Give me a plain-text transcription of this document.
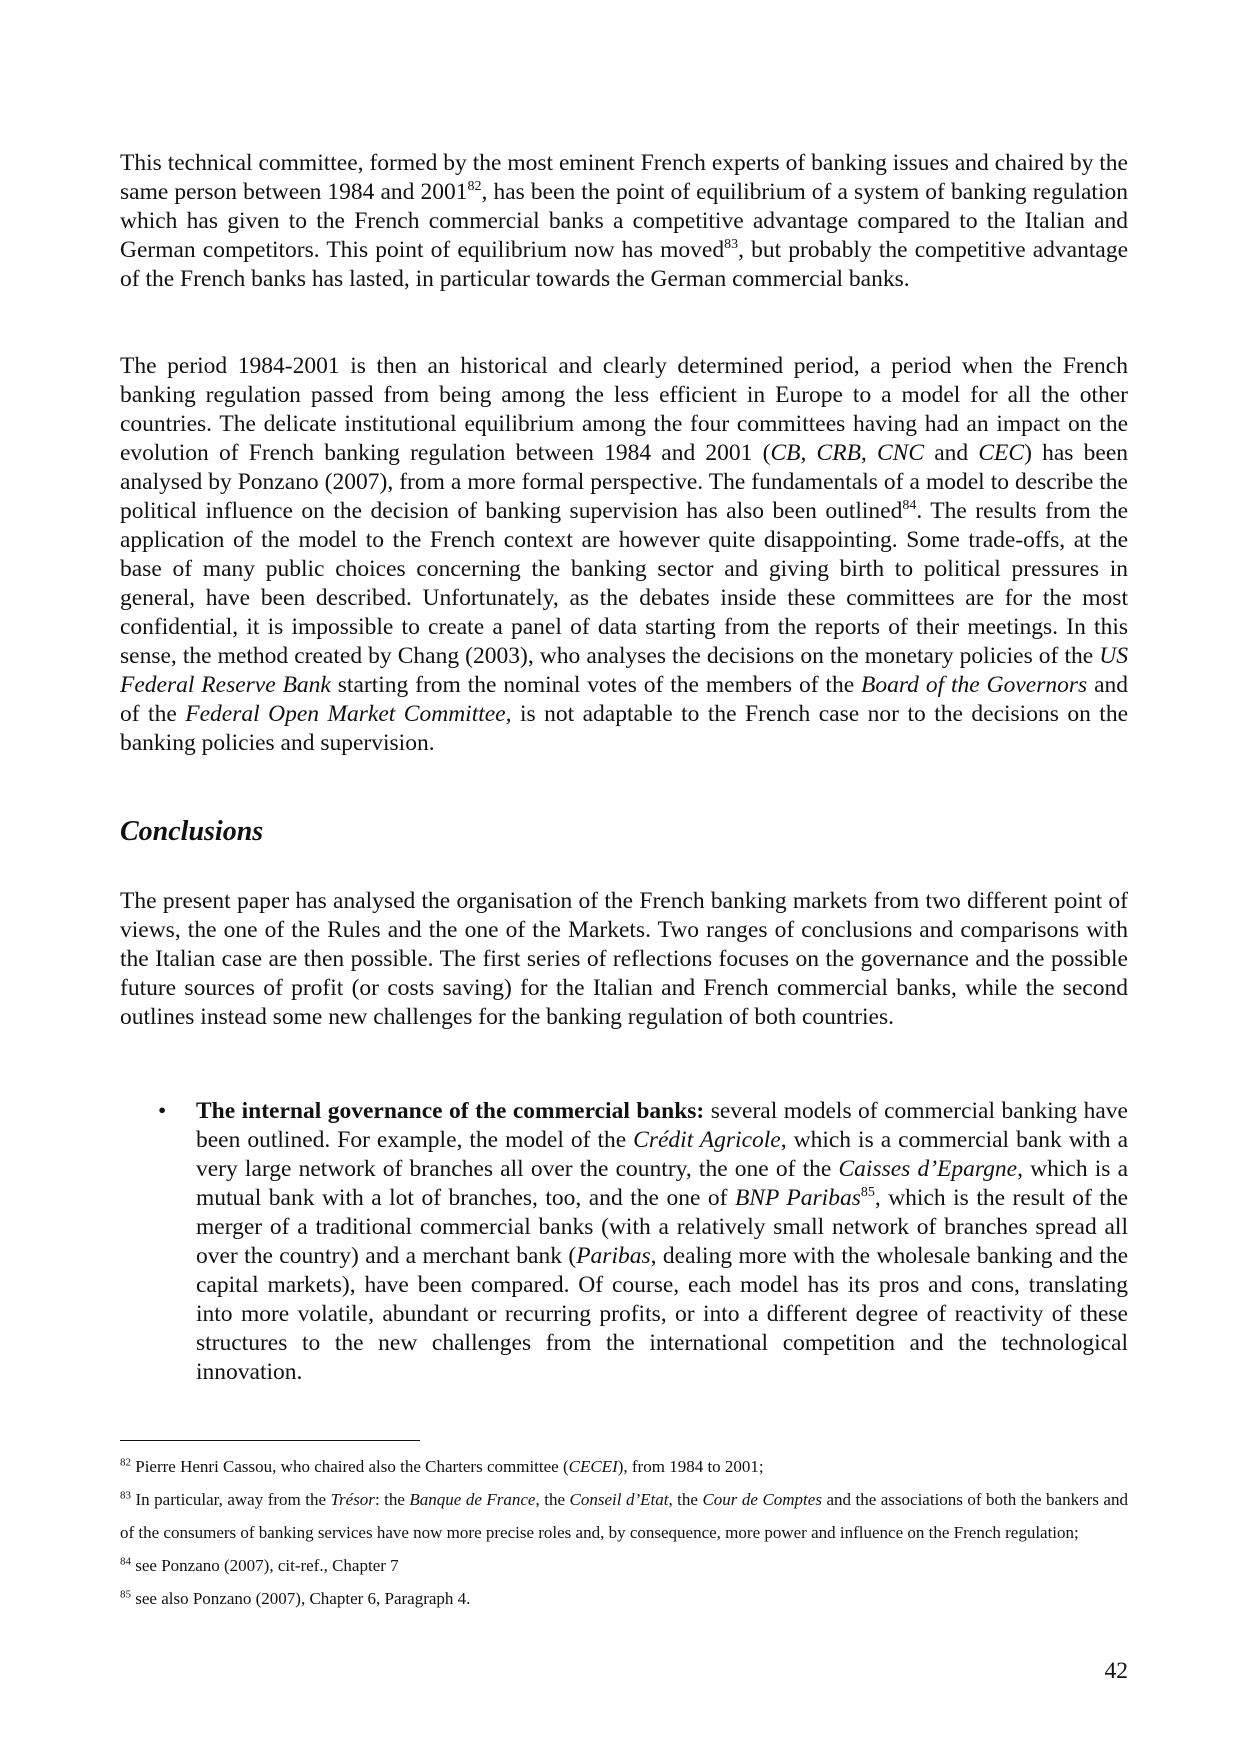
This technical committee, formed by the most eminent French experts of banking issues and chaired by the same person between 1984 and 2001$^{82}$, has been the point of equilibrium of a system of banking regulation which has given to the French commercial banks a competitive advantage compared to the Italian and German competitors. This point of equilibrium now has moved$^{83}$, but probably the competitive advantage of the French banks has lasted, in particular towards the German commercial banks.

The period 1984-2001 is then an historical and clearly determined period, a period when the French banking regulation passed from being among the less efficient in Europe to a model for all the other countries. The delicate institutional equilibrium among the four committees having had an impact on the evolution of French banking regulation between 1984 and 2001 (CB, CRB, CNC and CEC) has been analysed by Ponzano (2007), from a more formal perspective. The fundamentals of a model to describe the political influence on the decision of banking supervision has also been outlined$^{84}$. The results from the application of the model to the French context are however quite disappointing. Some trade-offs, at the base of many public choices concerning the banking sector and giving birth to political pressures in general, have been described. Unfortunately, as the debates inside these committees are for the most confidential, it is impossible to create a panel of data starting from the reports of their meetings. In this sense, the method created by Chang (2003), who analyses the decisions on the monetary policies of the US Federal Reserve Bank starting from the nominal votes of the members of the Board of the Governors and of the Federal Open Market Committee, is not adaptable to the French case nor to the decisions on the banking policies and supervision.

Conclusions

The present paper has analysed the organisation of the French banking markets from two different point of views, the one of the Rules and the one of the Markets. Two ranges of conclusions and comparisons with the Italian case are then possible. The first series of reflections focuses on the governance and the possible future sources of profit (or costs saving) for the Italian and French commercial banks, while the second outlines instead some new challenges for the banking regulation of both countries.

• The internal governance of the commercial banks: several models of commercial banking have been outlined. For example, the model of the Crédit Agricole, which is a commercial bank with a very large network of branches all over the country, the one of the Caisses d’Epargne, which is a mutual bank with a lot of branches, too, and the one of BNP Paribas$^{85}$, which is the result of the merger of a traditional commercial banks (with a relatively small network of branches spread all over the country) and a merchant bank (Paribas, dealing more with the wholesale banking and the capital markets), have been compared. Of course, each model has its pros and cons, translating into more volatile, abundant or recurring profits, or into a different degree of reactivity of these structures to the new challenges from the international competition and the technological innovation.

$^{82}$ Pierre Henri Cassou, who chaired also the Charters committee (CECEI), from 1984 to 2001;

$^{83}$ In particular, away from the Trésor: the Banque de France, the Conseil d’Etat, the Cour de Comptes and the associations of both the bankers and of the consumers of banking services have now more precise roles and, by consequence, more power and influence on the French regulation;

$^{84}$ see Ponzano (2007), cit-ref., Chapter 7

$^{85}$ see also Ponzano (2007), Chapter 6, Paragraph 4.

42
